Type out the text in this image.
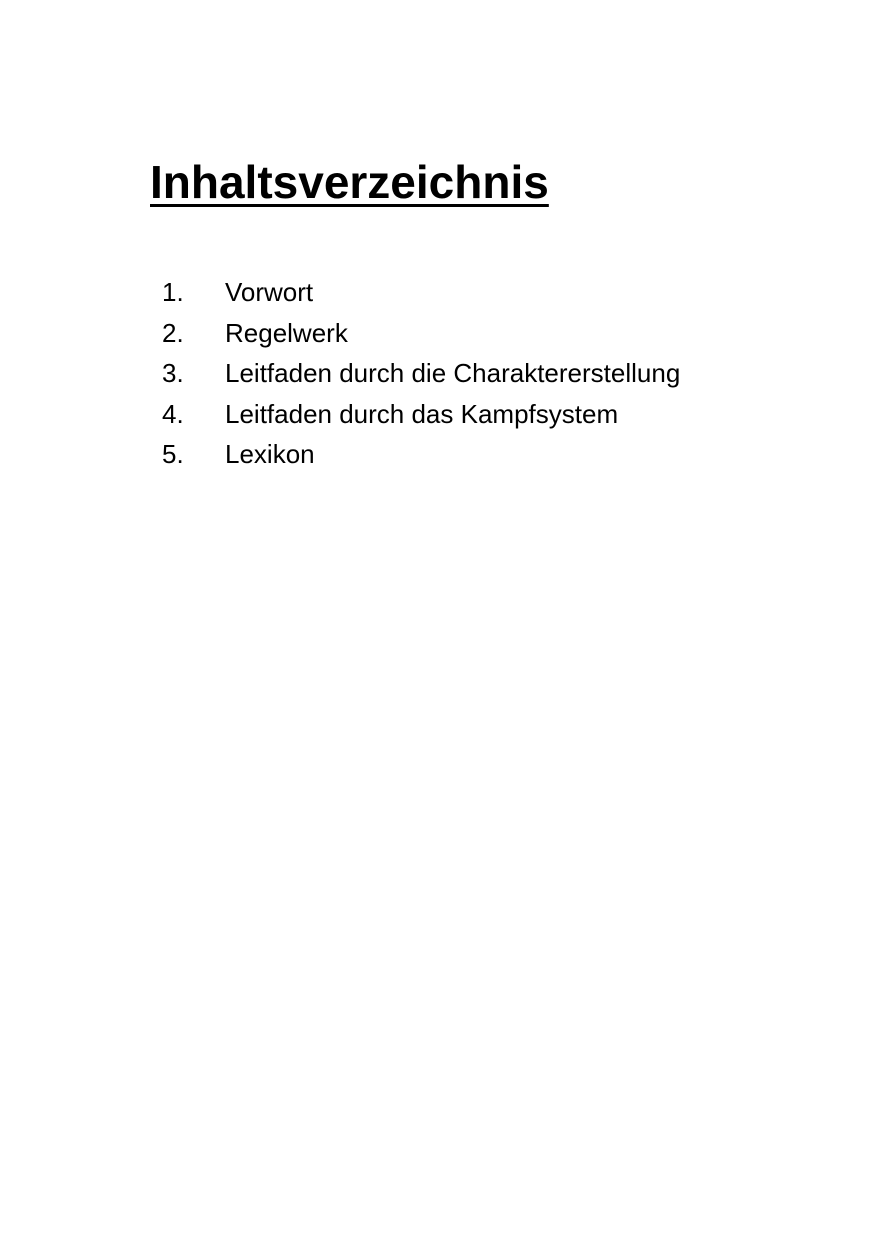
Inhaltsverzeichnis
1.	Vorwort
2.	Regelwerk
3.	Leitfaden durch die Charaktererstellung
4.	Leitfaden durch das Kampfsystem
5.	Lexikon
